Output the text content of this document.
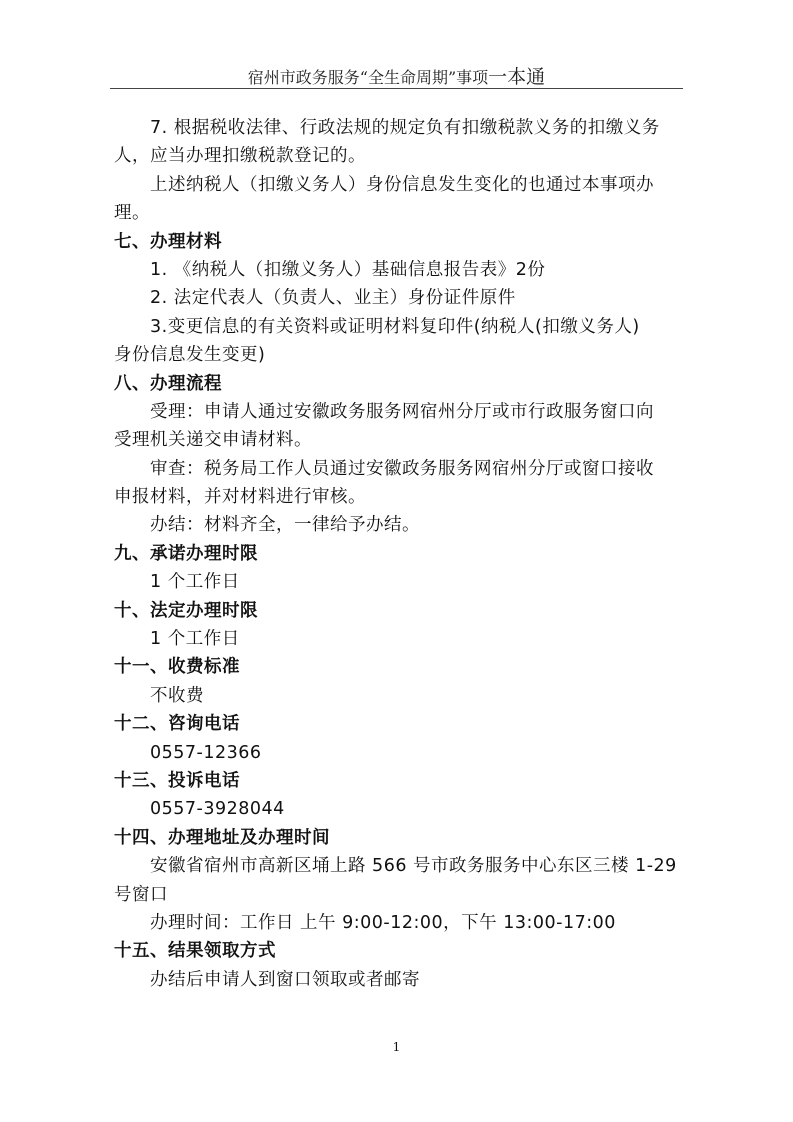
宿州市政务服务“全生命周期”事项一本通
7. 根据税收法律、行政法规的规定负有扣缴税款义务的扣缴义务
人，应当办理扣缴税款登记的。
上述纳税人（扣缴义务人）身份信息发生变化的也通过本事项办
理。
七、办理材料
1. 《纳税人（扣缴义务人）基础信息报告表》2份
2. 法定代表人（负责人、业主）身份证件原件
3.变更信息的有关资料或证明材料复印件(纳税人(扣缴义务人)
身份信息发生变更)
八、办理流程
受理：申请人通过安徽政务服务网宿州分厅或市行政服务窗口向
受理机关递交申请材料。
审查：税务局工作人员通过安徽政务服务网宿州分厅或窗口接收
申报材料，并对材料进行审核。
办结：材料齐全，一律给予办结。
九、承诺办理时限
1 个工作日
十、法定办理时限
1 个工作日
十一、收费标准
不收费
十二、咨询电话
0557-12366
十三、投诉电话
0557-3928044
十四、办理地址及办理时间
安徽省宿州市高新区埇上路 566 号市政务服务中心东区三楼 1-29
号窗口
办理时间：工作日 上午 9:00-12:00，下午 13:00-17:00
十五、结果领取方式
办结后申请人到窗口领取或者邮寄
1
